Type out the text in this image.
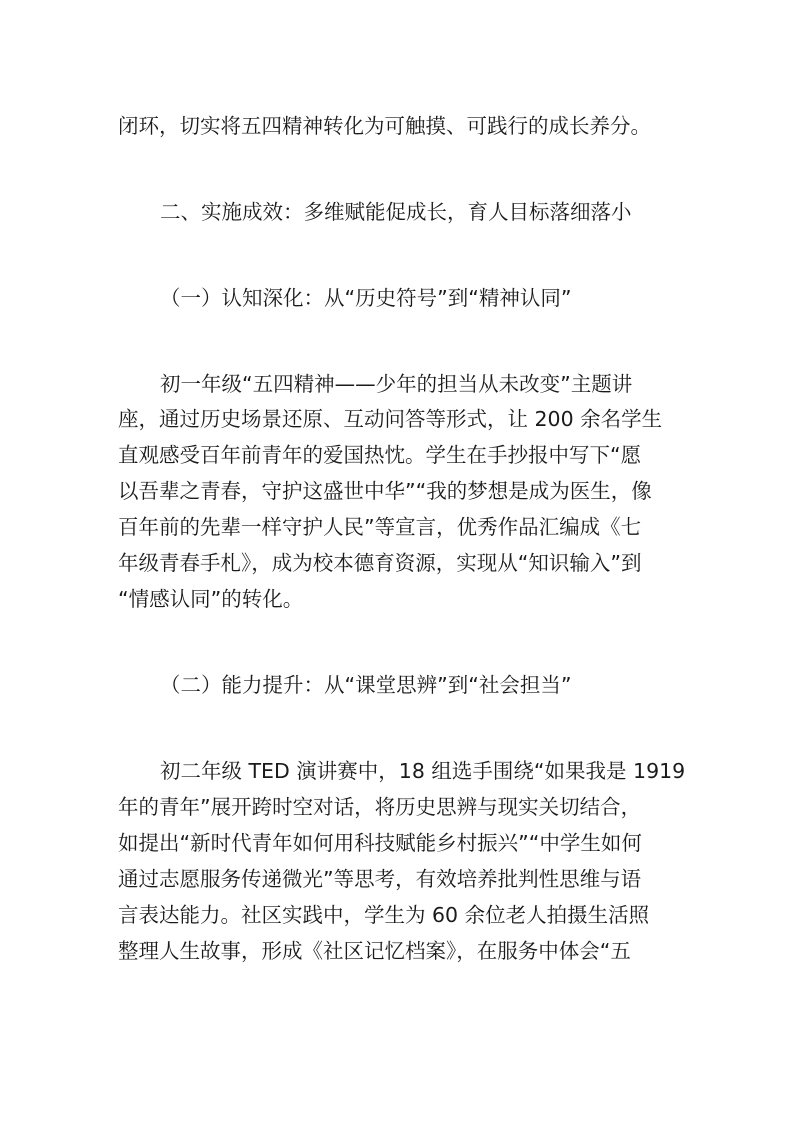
闭环，切实将五四精神转化为可触摸、可践行的成长养分。
二、实施成效：多维赋能促成长，育人目标落细落小
（一）认知深化：从“历史符号”到“精神认同”
初一年级“五四精神——少年的担当从未改变”主题讲
座，通过历史场景还原、互动问答等形式，让 200 余名学生
直观感受百年前青年的爱国热忱。学生在手抄报中写下“愿
以吾辈之青春，守护这盛世中华”“我的梦想是成为医生，像
百年前的先辈一样守护人民”等宣言，优秀作品汇编成《七
年级青春手札》，成为校本德育资源，实现从“知识输入”到
“情感认同”的转化。
（二）能力提升：从“课堂思辨”到“社会担当”
初二年级 TED 演讲赛中，18 组选手围绕“如果我是 1919
年的青年”展开跨时空对话，将历史思辨与现实关切结合，
如提出“新时代青年如何用科技赋能乡村振兴”“中学生如何
通过志愿服务传递微光”等思考，有效培养批判性思维与语
言表达能力。社区实践中，学生为 60 余位老人拍摄生活照
整理人生故事，形成《社区记忆档案》，在服务中体会“五
